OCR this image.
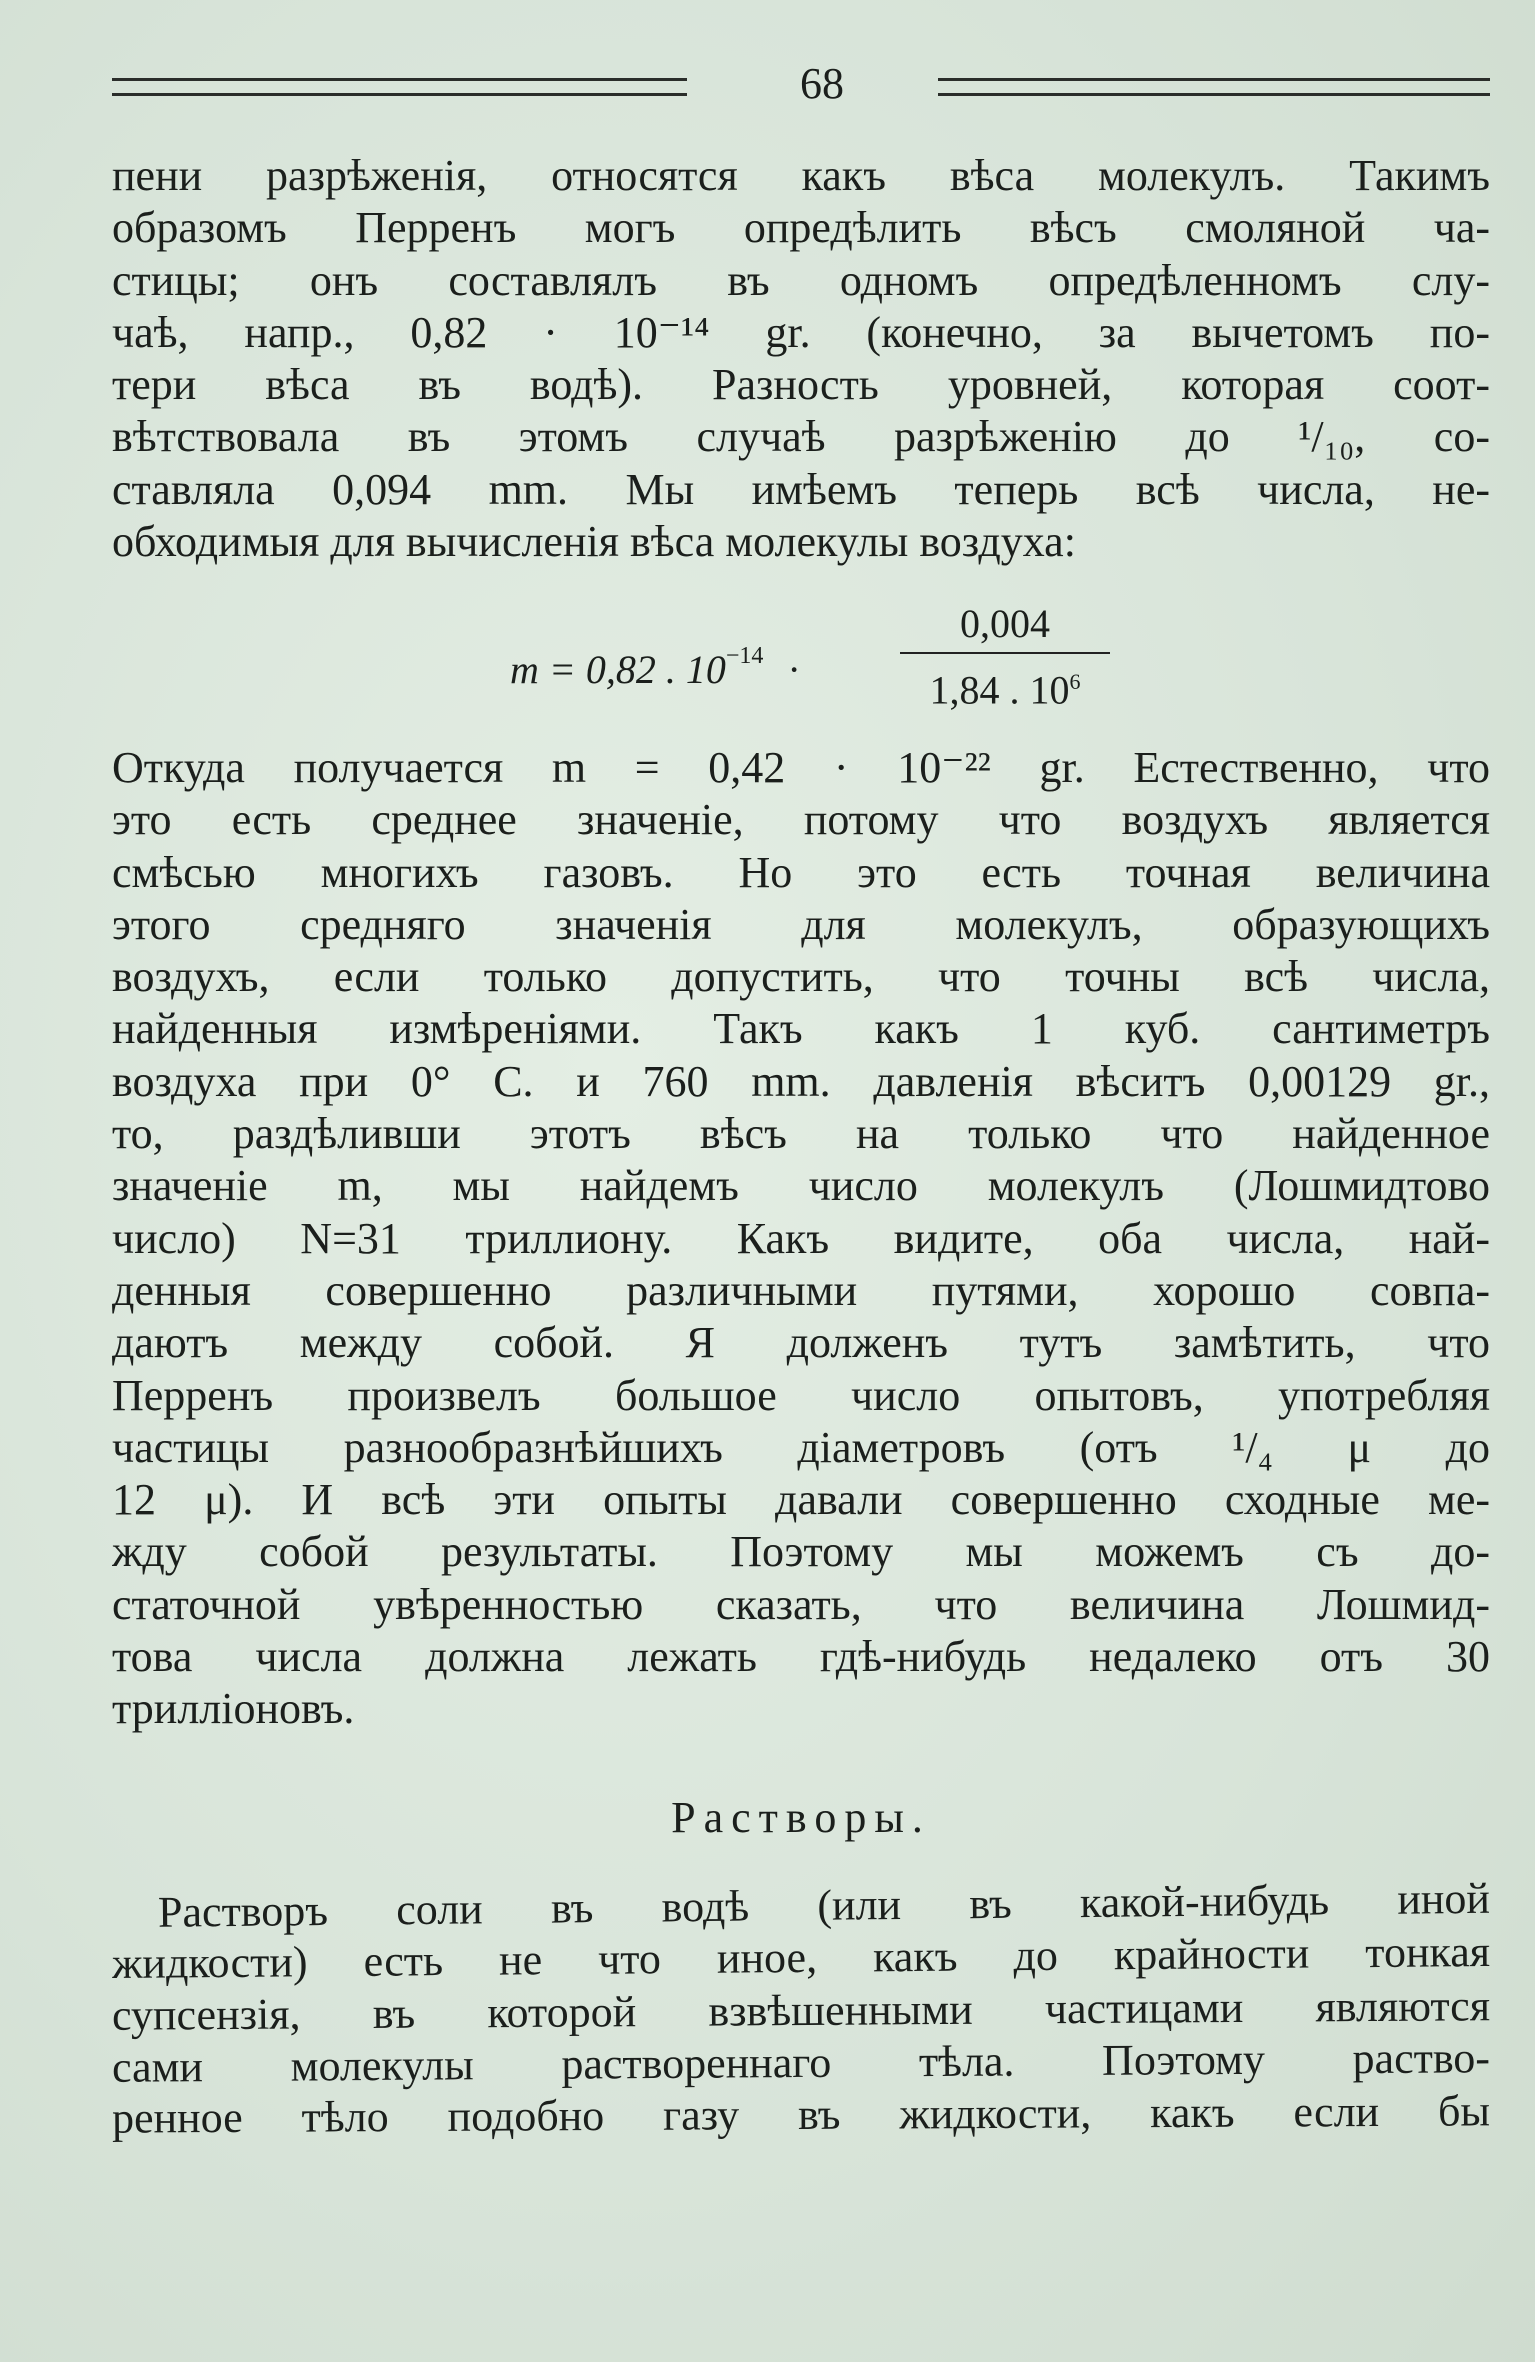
68
пени разрѣженія, относятся какъ вѣса молекулъ. Такимъ
образомъ Перренъ могъ опредѣлить вѣсъ смоляной ча-
стицы; онъ составлялъ въ одномъ опредѣленномъ слу-
чаѣ, напр., 0,82 · 10⁻¹⁴ gr. (конечно, за вычетомъ по-
тери вѣса въ водѣ). Разность уровней, которая соот-
вѣтствовала въ этомъ случаѣ разрѣженію до ¹/₁₀, со-
ставляла 0,094 mm. Мы имѣемъ теперь всѣ числа, не-
обходимыя для вычисленія вѣса молекулы воздуха:
m = 0,82 . $10^{-14}$ ·
0,004
1,84 . $10^6$
Откуда получается m = 0,42 · 10⁻²² gr. Естественно, что
это есть среднее значеніе, потому что воздухъ является
смѣсью многихъ газовъ. Но это есть точная величина
этого средняго значенія для молекулъ, образующихъ
воздухъ, если только допустить, что точны всѣ числа,
найденныя измѣреніями. Такъ какъ 1 куб. сантиметръ
воздуха при 0° С. и 760 mm. давленія вѣситъ 0,00129 gr.,
то, раздѣливши этотъ вѣсъ на только что найденное
значеніе m, мы найдемъ число молекулъ (Лошмидтово
число) N=31 триллиону. Какъ видите, оба числа, най-
денныя совершенно различными путями, хорошо совпа-
даютъ между собой. Я долженъ тутъ замѣтить, что
Перренъ произвелъ большое число опытовъ, употребляя
частицы разнообразнѣйшихъ діаметровъ (отъ ¹/₄ μ до
12 μ). И всѣ эти опыты давали совершенно сходные ме-
жду собой результаты. Поэтому мы можемъ съ до-
статочной увѣренностью сказать, что величина Лошмид-
това числа должна лежать гдѣ-нибудь недалеко отъ 30
трилліоновъ.
Растворы.
Растворъ соли въ водѣ (или въ какой-нибудь иной
жидкости) есть не что иное, какъ до крайности тонкая
супсензія, въ которой взвѣшенными частицами являются
сами молекулы раствореннаго тѣла. Поэтому раство-
ренное тѣло подобно газу въ жидкости, какъ если бы
